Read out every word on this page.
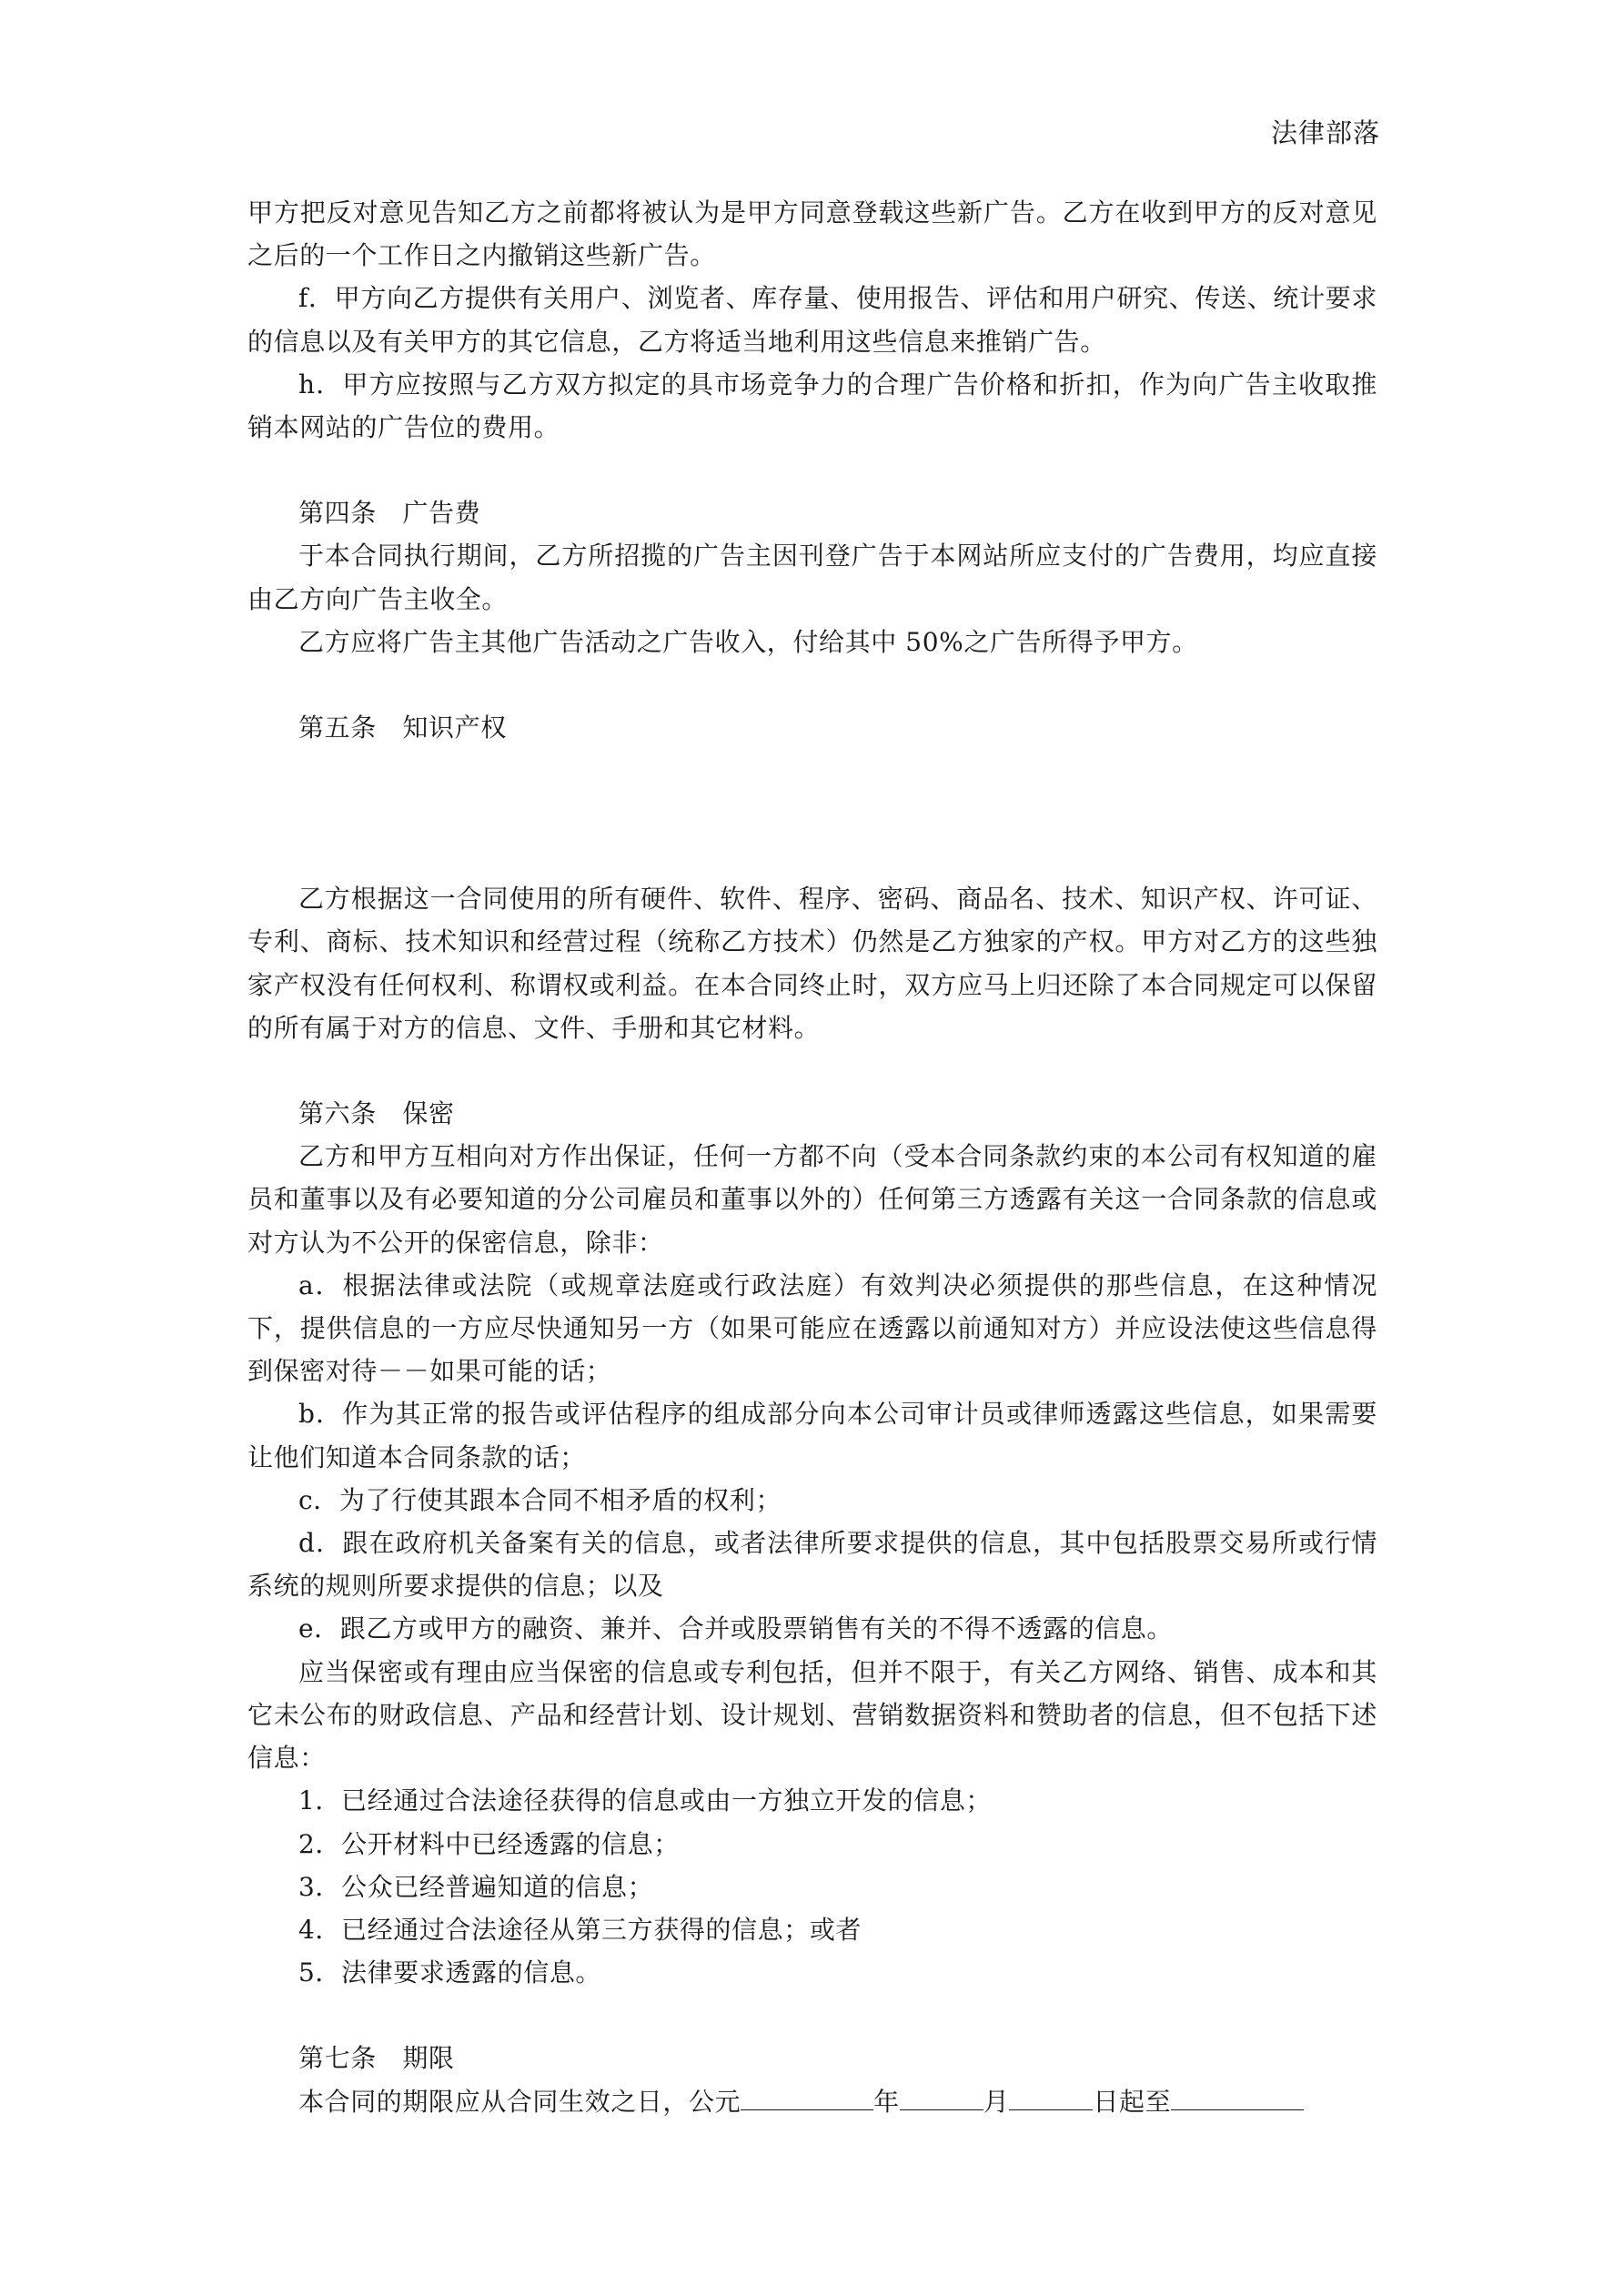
法律部落

甲方把反对意见告知乙方之前都将被认为是甲方同意登载这些新广告。乙方在收到甲方的反对意见之后的一个工作日之内撤销这些新广告。

f．甲方向乙方提供有关用户、浏览者、库存量、使用报告、评估和用户研究、传送、统计要求的信息以及有关甲方的其它信息，乙方将适当地利用这些信息来推销广告。

h．甲方应按照与乙方双方拟定的具市场竞争力的合理广告价格和折扣，作为向广告主收取推销本网站的广告位的费用。

第四条　广告费

于本合同执行期间，乙方所招揽的广告主因刊登广告于本网站所应支付的广告费用，均应直接由乙方向广告主收全。

乙方应将广告主其他广告活动之广告收入，付给其中 50%之广告所得予甲方。

第五条　知识产权

乙方根据这一合同使用的所有硬件、软件、程序、密码、商品名、技术、知识产权、许可证、专利、商标、技术知识和经营过程（统称乙方技术）仍然是乙方独家的产权。甲方对乙方的这些独家产权没有任何权利、称谓权或利益。在本合同终止时，双方应马上归还除了本合同规定可以保留的所有属于对方的信息、文件、手册和其它材料。

第六条　保密

乙方和甲方互相向对方作出保证，任何一方都不向（受本合同条款约束的本公司有权知道的雇员和董事以及有必要知道的分公司雇员和董事以外的）任何第三方透露有关这一合同条款的信息或对方认为不公开的保密信息，除非：

a．根据法律或法院（或规章法庭或行政法庭）有效判决必须提供的那些信息，在这种情况下，提供信息的一方应尽快通知另一方（如果可能应在透露以前通知对方）并应设法使这些信息得到保密对待－－如果可能的话；

b．作为其正常的报告或评估程序的组成部分向本公司审计员或律师透露这些信息，如果需要让他们知道本合同条款的话；

c．为了行使其跟本合同不相矛盾的权利；

d．跟在政府机关备案有关的信息，或者法律所要求提供的信息，其中包括股票交易所或行情系统的规则所要求提供的信息；以及

e．跟乙方或甲方的融资、兼并、合并或股票销售有关的不得不透露的信息。

应当保密或有理由应当保密的信息或专利包括，但并不限于，有关乙方网络、销售、成本和其它未公布的财政信息、产品和经营计划、设计规划、营销数据资料和赞助者的信息，但不包括下述信息：

1．已经通过合法途径获得的信息或由一方独立开发的信息；

2．公开材料中已经透露的信息；

3．公众已经普遍知道的信息；

4．已经通过合法途径从第三方获得的信息；或者

5．法律要求透露的信息。

第七条　期限

本合同的期限应从合同生效之日，公元	年	月	日起至
